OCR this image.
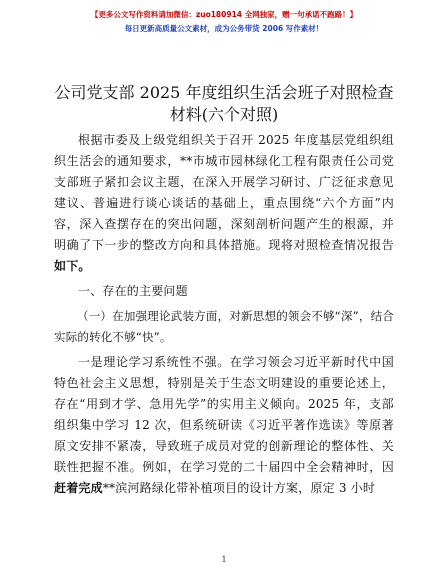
【更多公文写作资料请加微信：zuo180914 全网独家，赠一句承诺不跑路！】
每日更新高质量公文素材，成为公务带货 2006 写作素材！
公司党支部 2025 年度组织生活会班子对照检查
材料(六个对照)

根据市委及上级党组织关于召开 2025 年度基层党组织组织生活会的通知要求，**市城市园林绿化工程有限责任公司党支部班子紧扣会议主题，在深入开展学习研讨、广泛征求意见建议、普遍进行谈心谈话的基础上，重点围绕“六个方面”内容，深入查摆存在的突出问题，深刻剖析问题产生的根源，并明确了下一步的整改方向和具体措施。现将对照检查情况报告如下。

一、存在的主要问题

（一）在加强理论武装方面，对新思想的领会不够“深”，结合实际的转化不够“快”。

一是理论学习系统性不强。在学习领会习近平新时代中国特色社会主义思想，特别是关于生态文明建设的重要论述上，存在“用到才学、急用先学”的实用主义倾向。2025 年，支部组织集中学习 12 次，但系统研读《习近平著作选读》等原著原文安排不紧凑，导致班子成员对党的创新理论的整体性、关联性把握不准。例如，在学习党的二十届四中全会精神时，因赶着完成**滨河路绿化带补植项目的设计方案，原定 3 小时

1
